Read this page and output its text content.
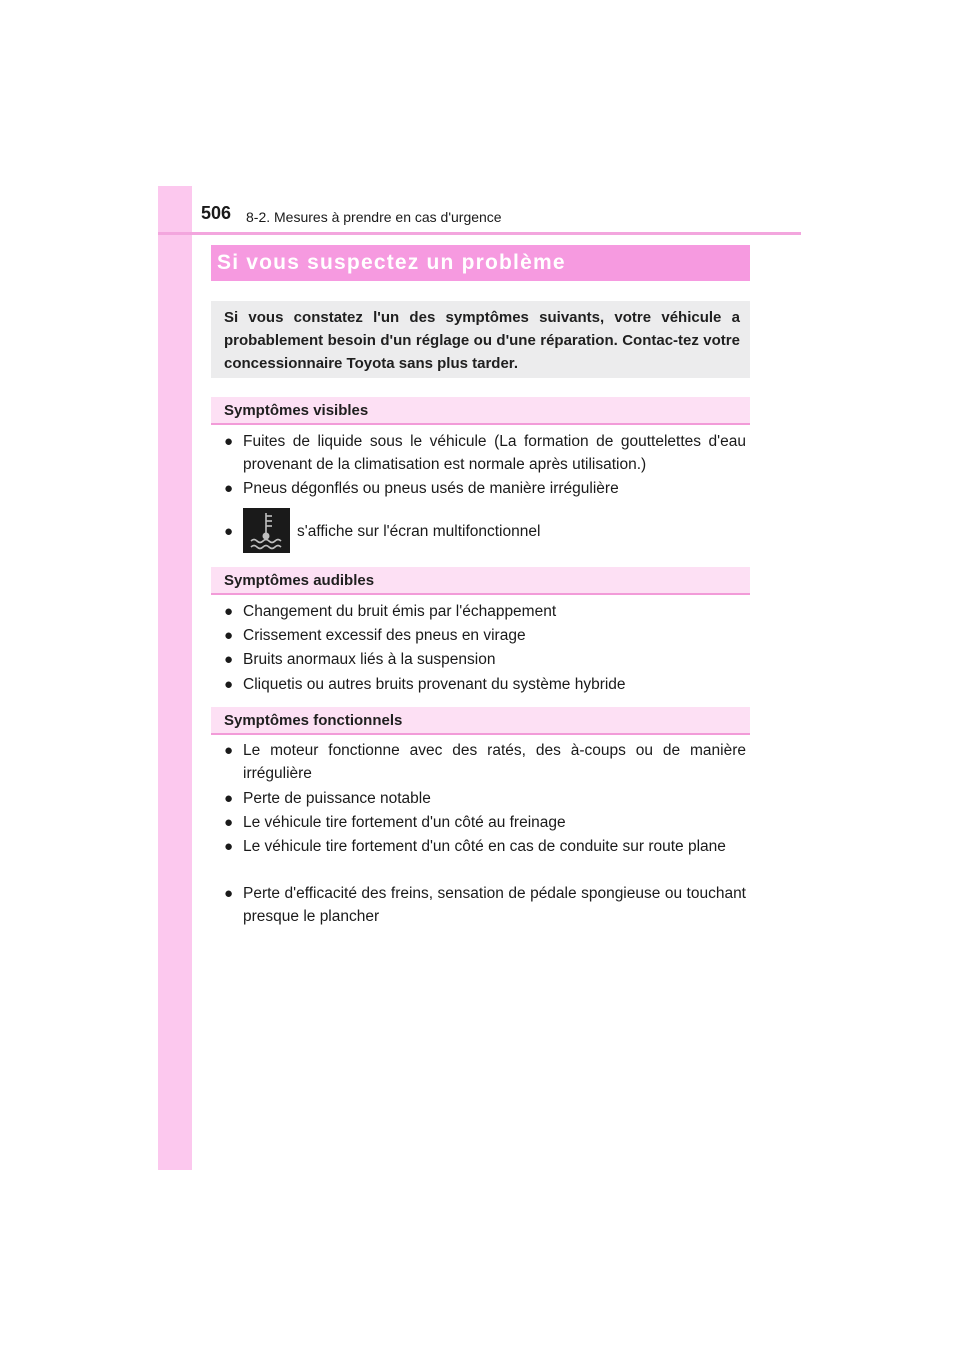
506 8-2. Mesures à prendre en cas d'urgence
Si vous suspectez un problème

Si vous constatez l'un des symptômes suivants, votre véhicule a probablement besoin d'un réglage ou d'une réparation. Contac-tez votre concessionnaire Toyota sans plus tarder.

Symptômes visibles
● Fuites de liquide sous le véhicule (La formation de gouttelettes d'eau provenant de la climatisation est normale après utilisation.)
● Pneus dégonflés ou pneus usés de manière irrégulière
●	s'affiche sur l'écran multifonctionnel
Symptômes audibles
● Changement du bruit émis par l'échappement
● Crissement excessif des pneus en virage
● Bruits anormaux liés à la suspension
● Cliquetis ou autres bruits provenant du système hybride
Symptômes fonctionnels
● Le moteur fonctionne avec des ratés, des à-coups ou de manière irrégulière
● Perte de puissance notable
● Le véhicule tire fortement d'un côté au freinage
● Le véhicule tire fortement d'un côté en cas de conduite sur route plane
● Perte d'efficacité des freins, sensation de pédale spongieuse ou touchant presque le plancher
